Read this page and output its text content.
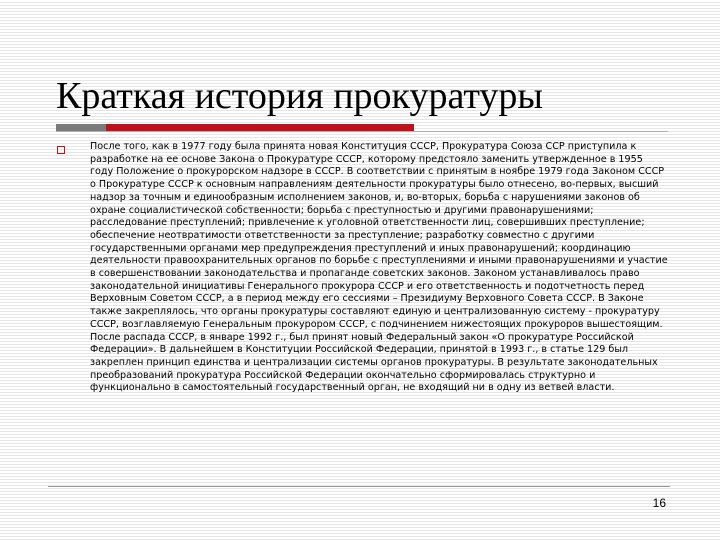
Краткая история прокуратуры
После того, как в 1977 году была принята новая Конституция СССР, Прокуратура Союза ССР приступила к разработке на ее основе Закона о Прокуратуре СССР, которому предстояло заменить утвержденное в 1955 году Положение о прокурорском надзоре в СССР. В соответствии с принятым в ноябре 1979 года Законом СССР о Прокуратуре СССР к основным направлениям деятельности прокуратуры было отнесено, во-первых, высший надзор за точным и единообразным исполнением законов, и, во-вторых, борьба с нарушениями законов об охране социалистической собственности; борьба с преступностью и другими правонарушениями; расследование преступлений; привлечение к уголовной ответственности лиц, совершивших преступление; обеспечение неотвратимости ответственности за преступление; разработку совместно с другими государственными органами мер предупреждения преступлений и иных правонарушений; координацию деятельности правоохранительных органов по борьбе с преступлениями и иными правонарушениями и участие в совершенствовании законодательства и пропаганде советских законов. Законом устанавливалось право законодательной инициативы Генерального прокурора СССР и его ответственность и подотчетность перед Верховным Советом СССР, а в период между его сессиями – Президиуму Верховного Совета СССР. В Законе также закреплялось, что органы прокуратуры составляют единую и централизованную систему - прокуратуру СССР, возглавляемую Генеральным прокурором СССР, с подчинением нижестоящих прокуроров вышестоящим. После распада СССР, в январе 1992 г., был принят новый Федеральный закон «О прокуратуре Российской Федерации». В дальнейшем в Конституции Российской Федерации, принятой в 1993 г., в статье 129 был закреплен принцип единства и централизации системы органов прокуратуры. В результате законодательных преобразований прокуратура Российской Федерации окончательно сформировалась структурно и функционально в самостоятельный государственный орган, не входящий ни в одну из ветвей власти.
16
